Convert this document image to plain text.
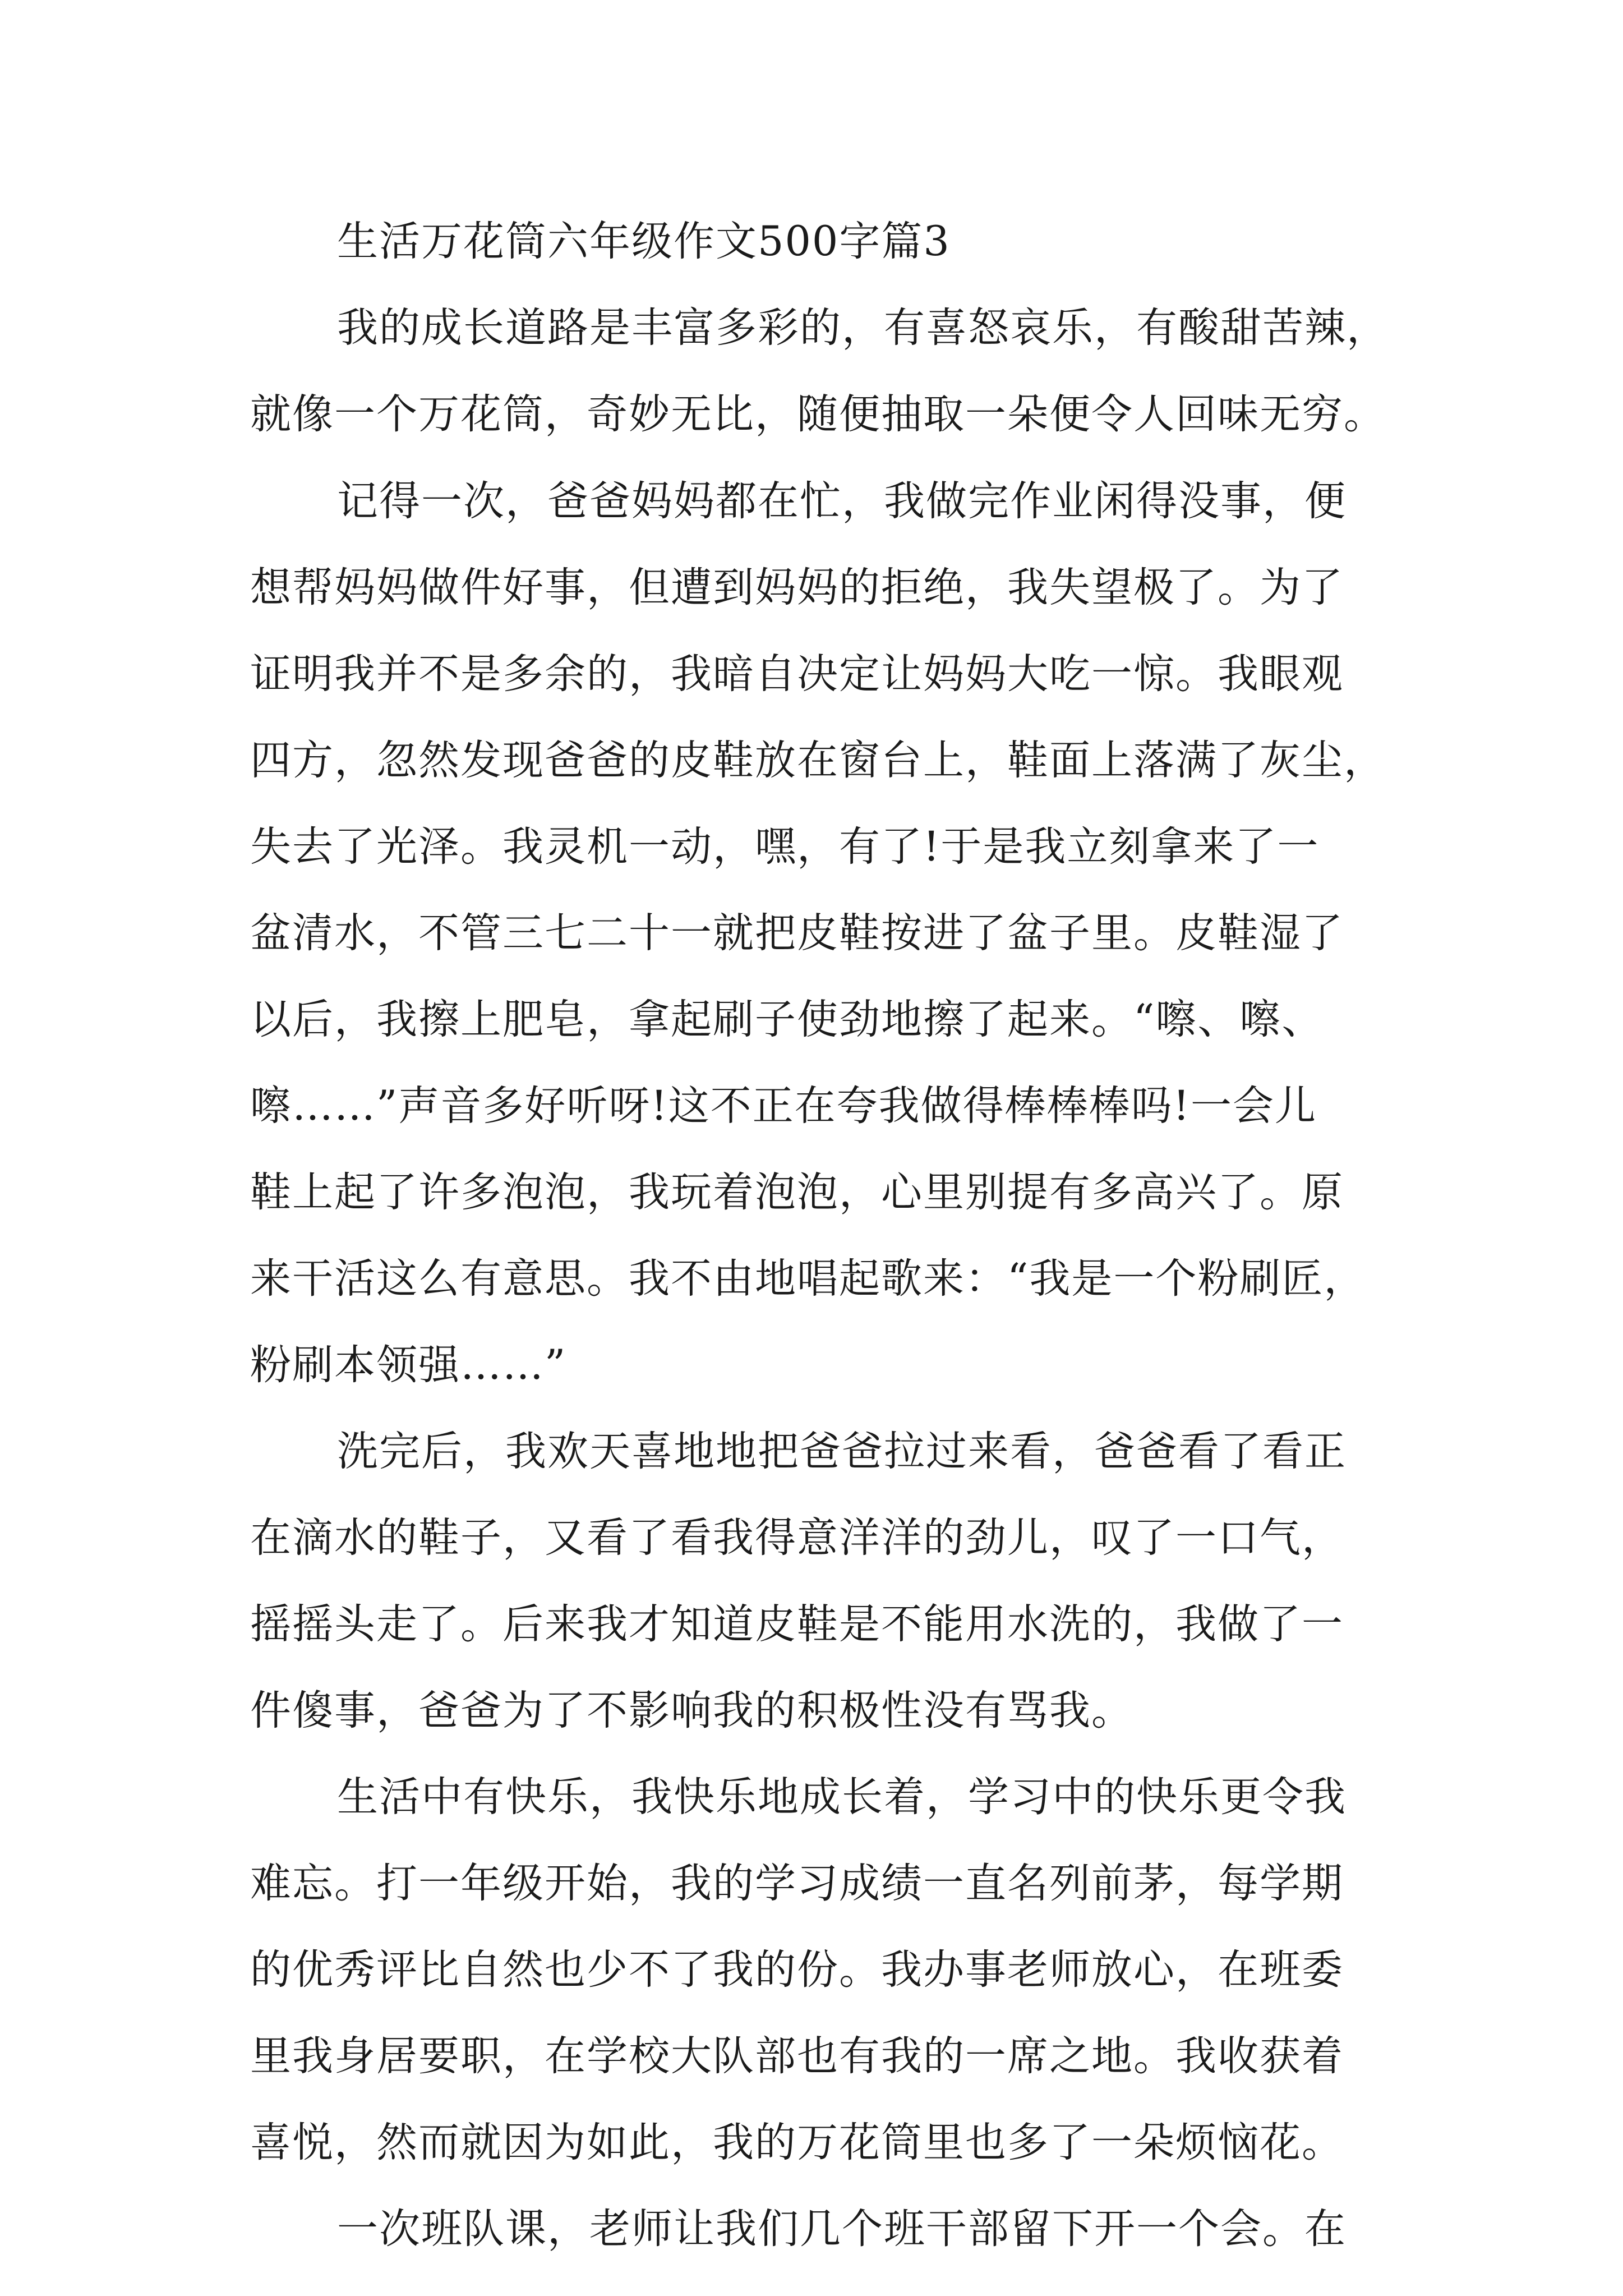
生活万花筒六年级作文500字篇3

我的成长道路是丰富多彩的，有喜怒哀乐，有酸甜苦辣，

就像一个万花筒，奇妙无比，随便抽取一朵便令人回味无穷。

记得一次，爸爸妈妈都在忙，我做完作业闲得没事，便

想帮妈妈做件好事，但遭到妈妈的拒绝，我失望极了。为了

证明我并不是多余的，我暗自决定让妈妈大吃一惊。我眼观

四方，忽然发现爸爸的皮鞋放在窗台上，鞋面上落满了灰尘，

失去了光泽。我灵机一动，嘿，有了!于是我立刻拿来了一

盆清水，不管三七二十一就把皮鞋按进了盆子里。皮鞋湿了

以后，我擦上肥皂，拿起刷子使劲地擦了起来。“嚓、嚓、

嚓……”声音多好听呀!这不正在夸我做得棒棒棒吗!一会儿

鞋上起了许多泡泡，我玩着泡泡，心里别提有多高兴了。原

来干活这么有意思。我不由地唱起歌来：“我是一个粉刷匠，

粉刷本领强……”

洗完后，我欢天喜地地把爸爸拉过来看，爸爸看了看正

在滴水的鞋子，又看了看我得意洋洋的劲儿，叹了一口气，

摇摇头走了。后来我才知道皮鞋是不能用水洗的，我做了一

件傻事，爸爸为了不影响我的积极性没有骂我。

生活中有快乐，我快乐地成长着，学习中的快乐更令我

难忘。打一年级开始，我的学习成绩一直名列前茅，每学期

的优秀评比自然也少不了我的份。我办事老师放心，在班委

里我身居要职，在学校大队部也有我的一席之地。我收获着

喜悦，然而就因为如此，我的万花筒里也多了一朵烦恼花。

一次班队课，老师让我们几个班干部留下开一个会。在
